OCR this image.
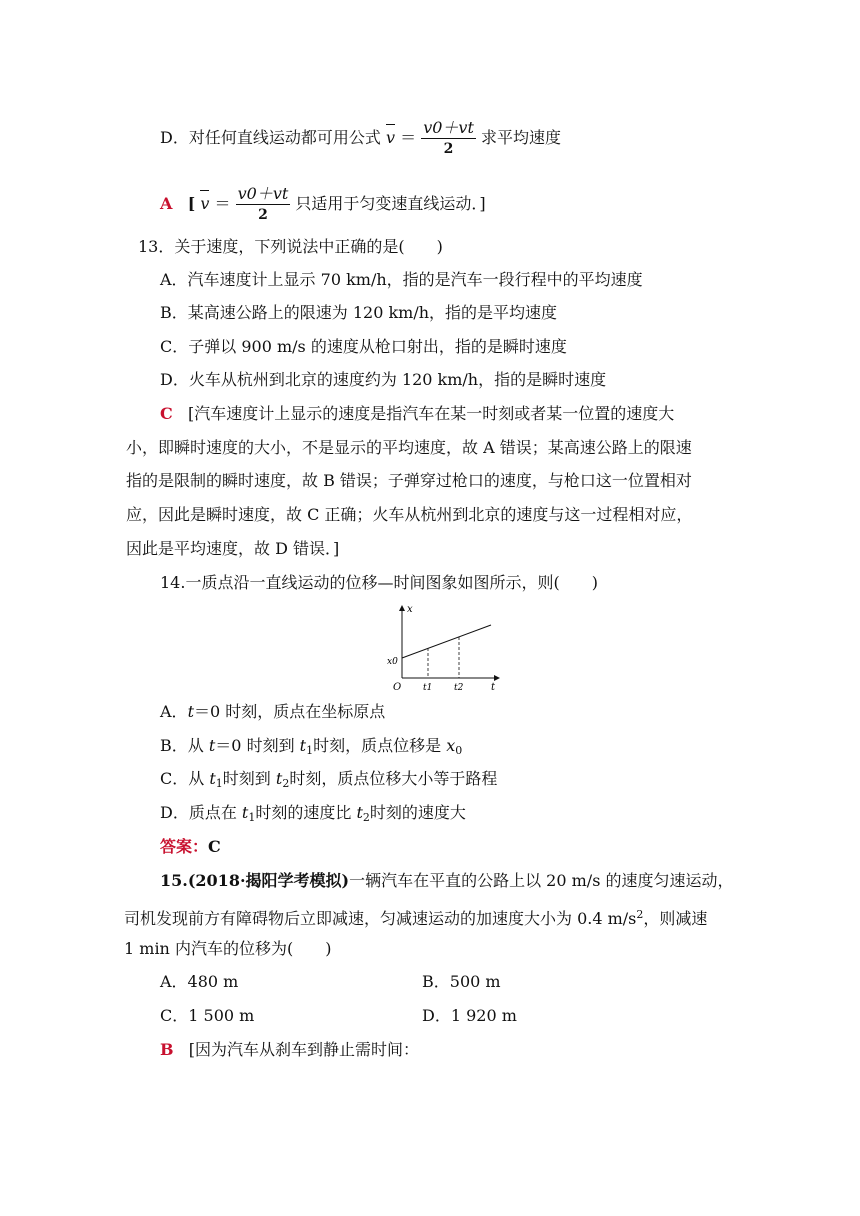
D．对任何直线运动都可用公式 $v = \frac{v0+vt}{2}$ 求平均速度
A [ $v = \frac{v0+vt}{2}$ 只适用于匀变速直线运动．]
13．关于速度，下列说法中正确的是(　　)
A．汽车速度计上显示 70 km/h，指的是汽车一段行程中的平均速度
B．某高速公路上的限速为 120 km/h，指的是平均速度
C．子弹以 900 m/s 的速度从枪口射出，指的是瞬时速度
D．火车从杭州到北京的速度约为 120 km/h，指的是瞬时速度
C [汽车速度计上显示的速度是指汽车在某一时刻或者某一位置的速度大
小，即瞬时速度的大小，不是显示的平均速度，故 A 错误；某高速公路上的限速
指的是限制的瞬时速度，故 B 错误；子弹穿过枪口的速度，与枪口这一位置相对
应，因此是瞬时速度，故 C 正确；火车从杭州到北京的速度与这一过程相对应，
因此是平均速度，故 D 错误．]
14.一质点沿一直线运动的位移—时间图象如图所示，则(　　)
x
t
O
x0
t1 t2
A．t＝0 时刻，质点在坐标原点
B．从 t＝0 时刻到 $t_1$时刻，质点位移是 $x_0$
C．从 $t_1$时刻到 $t_2$时刻，质点位移大小等于路程
D．质点在 $t_1$时刻的速度比 $t_2$时刻的速度大
答案：C
15.(2018·揭阳学考模拟)一辆汽车在平直的公路上以 20 m/s 的速度匀速运动，
司机发现前方有障碍物后立即减速，匀减速运动的加速度大小为 0.4 $m/s^2$，则减速
1 min 内汽车的位移为(　　)
A．480 m	B．500 m
C．1 500 m	D．1 920 m
B [因为汽车从刹车到静止需时间：
